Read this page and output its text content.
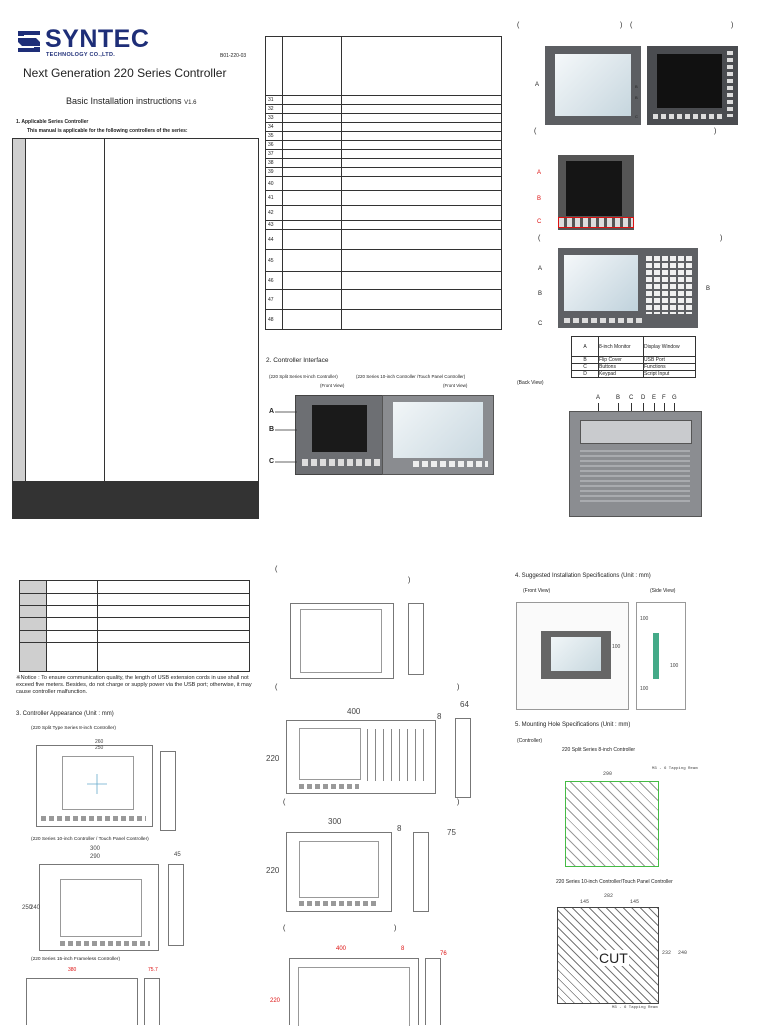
SYNTEC
TECHNOLOGY CO.,LTD.	B01-220-03
Next Generation 220 Series Controller
Basic Installation instructions V1.6
1. Applicable Series Controller
This manual is applicable for the following controllers of the series:

31		
32		
33		
34		
35		
36		
37		
38		
39		
40		
41		
42		
43		
44		
45		
46		
47		
48		
2. Controller Interface
(220 Split Series 8-inch Controller)	(220 Series 10-inch Controller /Touch Panel Controller)
(Front View)	(Front View)
A
B
C
(	) (	)
A	B
B
C
(	)
A
B
C
(	)
A
B
B
C
A	8-inch Monitor	Display Window
B	Flip Cover	USB Port
C	Buttons	Functions
D	Keypad	Script Input
(Back View)
A	B C D E F G

※Notice : To ensure communication quality, the length of USB extension cords in use shall not exceed five meters. Besides, do not charge or supply power via the USB port; otherwise, it may cause controller malfunction.
3. Controller Appearance (Unit : mm)
(220 Split Type Series 8-inch Controller)
260
250
(220 Series 10-inch Controller / Touch Panel Controller)
300
290
250
240
45
(220 Series 15-inch Frameless Controller)
380	75.7
(
)
(	)
400
64
8
220
(	)
300
8	75
220
(	)
400	8
76
220
4. Suggested Installation Specifications (Unit : mm)
(Front View)	(Side View)
100
100
100
100
5. Mounting Hole Specifications (Unit : mm)
(Controller)
220 Split Series 8-inch Controller
290
M3 - 6 Tapping Ream
220 Series 10-inch Controller/Touch Panel Controller
282
145	145
CUT	232 240
M3 - 6 Tapping Ream
